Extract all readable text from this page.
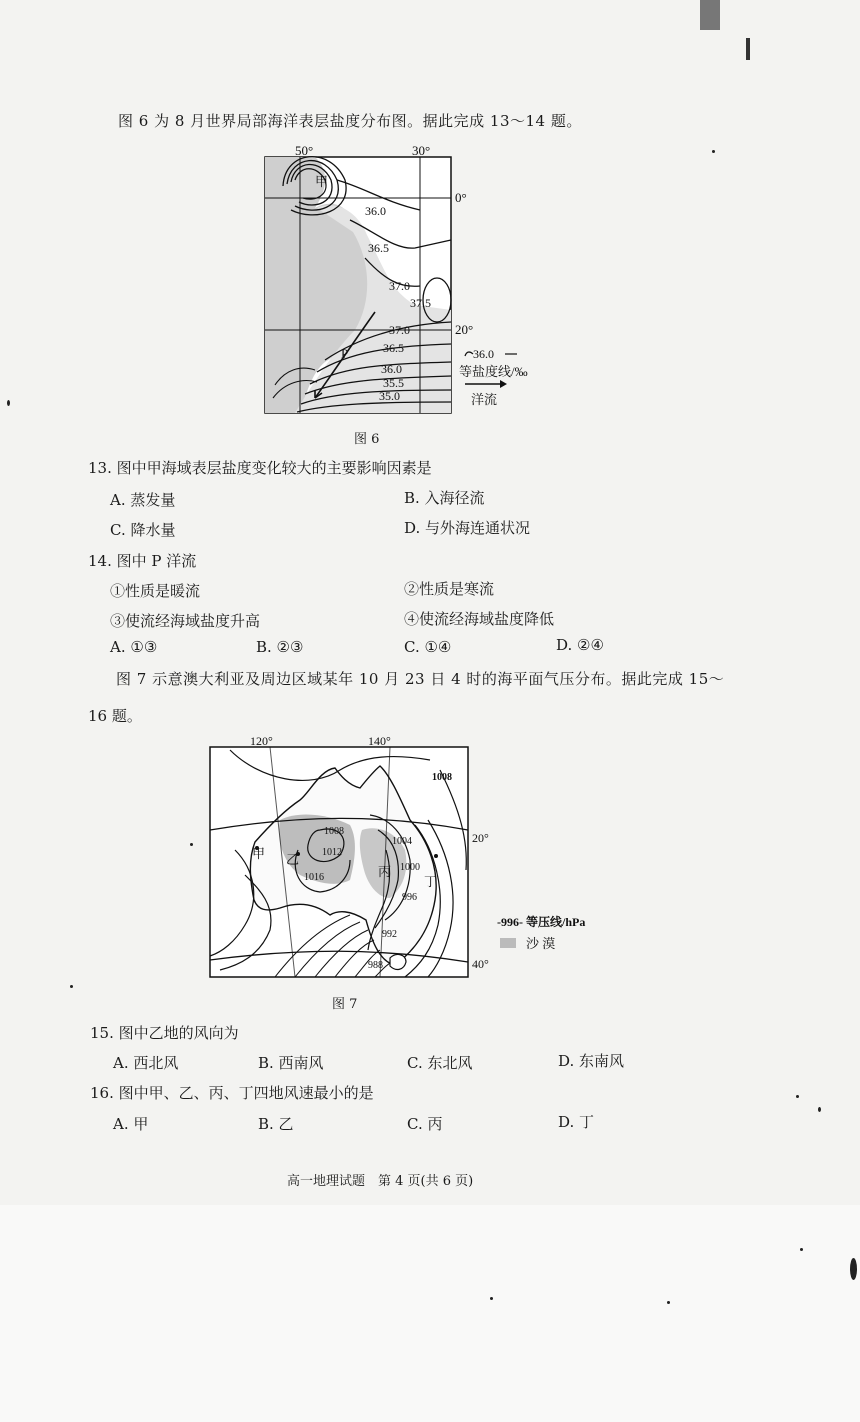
图 6 为 8 月世界局部海洋表层盐度分布图。据此完成 13～14 题。
50°	30°
0°
20°
甲
P
36.0
36.5
37.0
37.5
37.0
36.5
36.0
35.5
35.0
36.0
等盐度线/‰
洋流
图 6
13. 图中甲海域表层盐度变化较大的主要影响因素是
A. 蒸发量	B. 入海径流
C. 降水量	D. 与外海连通状况
14. 图中 P 洋流
①性质是暖流	②性质是寒流
③使流经海域盐度升高	④使流经海域盐度降低
A. ①③	B. ②③	C. ①④	D. ②④
图 7 示意澳大利亚及周边区域某年 10 月 23 日 4 时的海平面气压分布。据此完成 15～
16 题。
120°	140°
20°
40°
1008
1008
1012
1016
1004
1000
996
992
988
甲 乙
丙
丁
-996- 等压线/hPa
沙 漠
图 7
15. 图中乙地的风向为
A. 西北风	B. 西南风	C. 东北风	D. 东南风
16. 图中甲、乙、丙、丁四地风速最小的是
A. 甲	B. 乙	C. 丙	D. 丁
高一地理试题　第 4 页(共 6 页)
